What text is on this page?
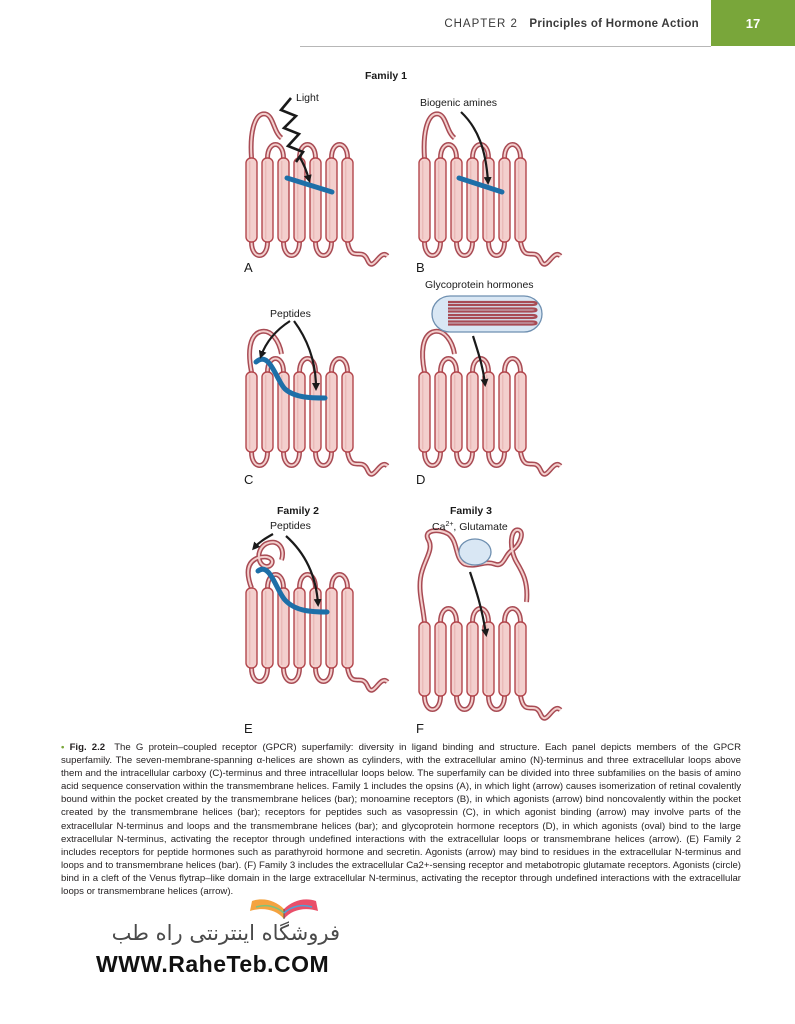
CHAPTER 2 Principles of Hormone Action	17
Light
A
Family 1
Biogenic amines
B
Peptides
C
Glycoprotein hormones
D
Family 2
Peptides
E
Family 3
$Ca^{2+}$, Glutamate
F
• Fig. 2.2 The G protein–coupled receptor (GPCR) superfamily: diversity in ligand binding and structure. Each panel depicts members of the GPCR superfamily. The seven-membrane-spanning α-helices are shown as cylinders, with the extracellular amino (N)-terminus and three extracellular loops above them and the intracellular carboxy (C)-terminus and three intracellular loops below. The superfamily can be divided into three subfamilies on the basis of amino acid sequence conservation within the transmembrane helices. Family 1 includes the opsins (A), in which light (arrow) causes isomerization of retinal covalently bound within the pocket created by the transmembrane helices (bar); monoamine receptors (B), in which agonists (arrow) bind noncovalently within the pocket created by the transmembrane helices (bar); receptors for peptides such as vasopressin (C), in which agonist binding (arrow) may involve parts of the extracellular N-terminus and loops and the transmembrane helices (bar); and glycoprotein hormone receptors (D), in which agonists (oval) bind to the large extracellular N-terminus, activating the receptor through undefined interactions with the extracellular loops or transmembrane helices (arrow). (E) Family 2 includes receptors for peptide hormones such as parathyroid hormone and secretin. Agonists (arrow) may bind to residues in the extracellular N-terminus and loops and to transmembrane helices (bar). (F) Family 3 includes the extracellular Ca2+-sensing receptor and metabotropic glutamate receptors. Agonists (circle) bind in a cleft of the Venus flytrap–like domain in the large extracellular N-terminus, activating the receptor through undefined interactions with the extracellular loops or transmembrane helices (arrow).
فروشگاه اینترنتی راه طب
WWW.RaheTeb.COM
